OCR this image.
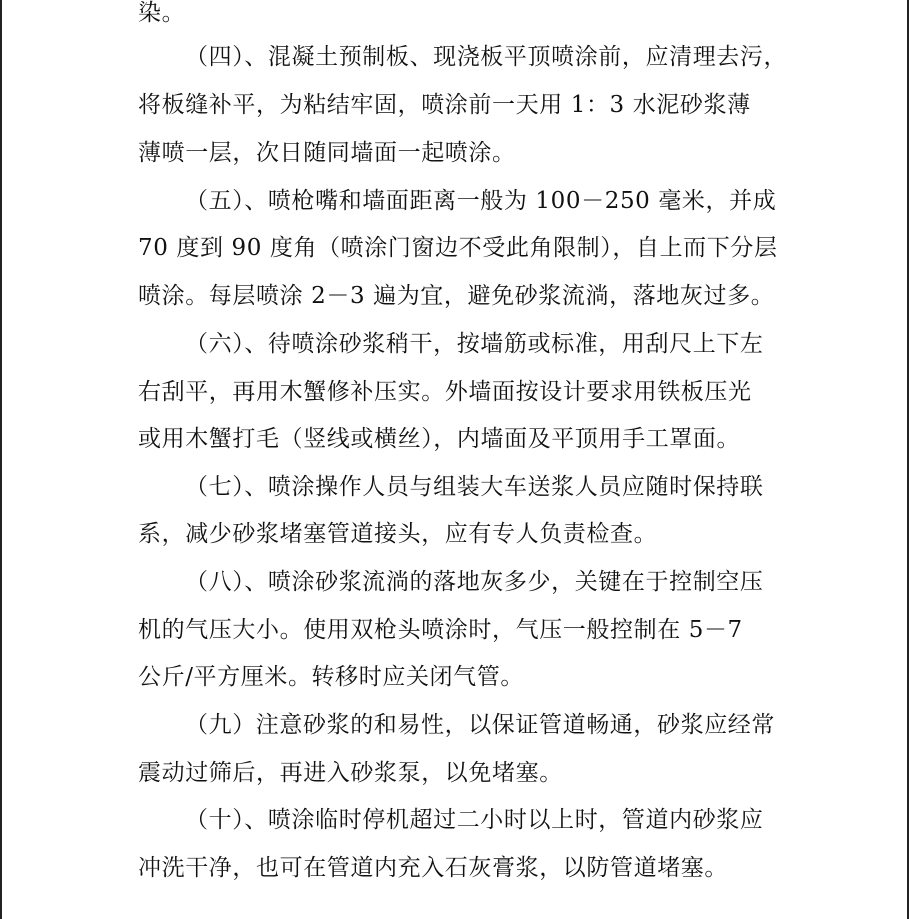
染。
（四）、混凝土预制板、现浇板平顶喷涂前，应清理去污，
将板缝补平，为粘结牢固，喷涂前一天用 1：3 水泥砂浆薄
薄喷一层，次日随同墙面一起喷涂。
（五）、喷枪嘴和墙面距离一般为 100－250 毫米，并成
70 度到 90 度角（喷涂门窗边不受此角限制），自上而下分层
喷涂。每层喷涂 2－3 遍为宜，避免砂浆流淌，落地灰过多。
（六）、待喷涂砂浆稍干，按墙筋或标准，用刮尺上下左
右刮平，再用木蟹修补压实。外墙面按设计要求用铁板压光
或用木蟹打毛（竖线或横丝），内墙面及平顶用手工罩面。
（七）、喷涂操作人员与组装大车送浆人员应随时保持联
系，减少砂浆堵塞管道接头，应有专人负责检查。
（八）、喷涂砂浆流淌的落地灰多少，关键在于控制空压
机的气压大小。使用双枪头喷涂时，气压一般控制在 5－7
公斤/平方厘米。转移时应关闭气管。
（九）注意砂浆的和易性，以保证管道畅通，砂浆应经常
震动过筛后，再进入砂浆泵，以免堵塞。
（十）、喷涂临时停机超过二小时以上时，管道内砂浆应
冲洗干净，也可在管道内充入石灰膏浆，以防管道堵塞。
